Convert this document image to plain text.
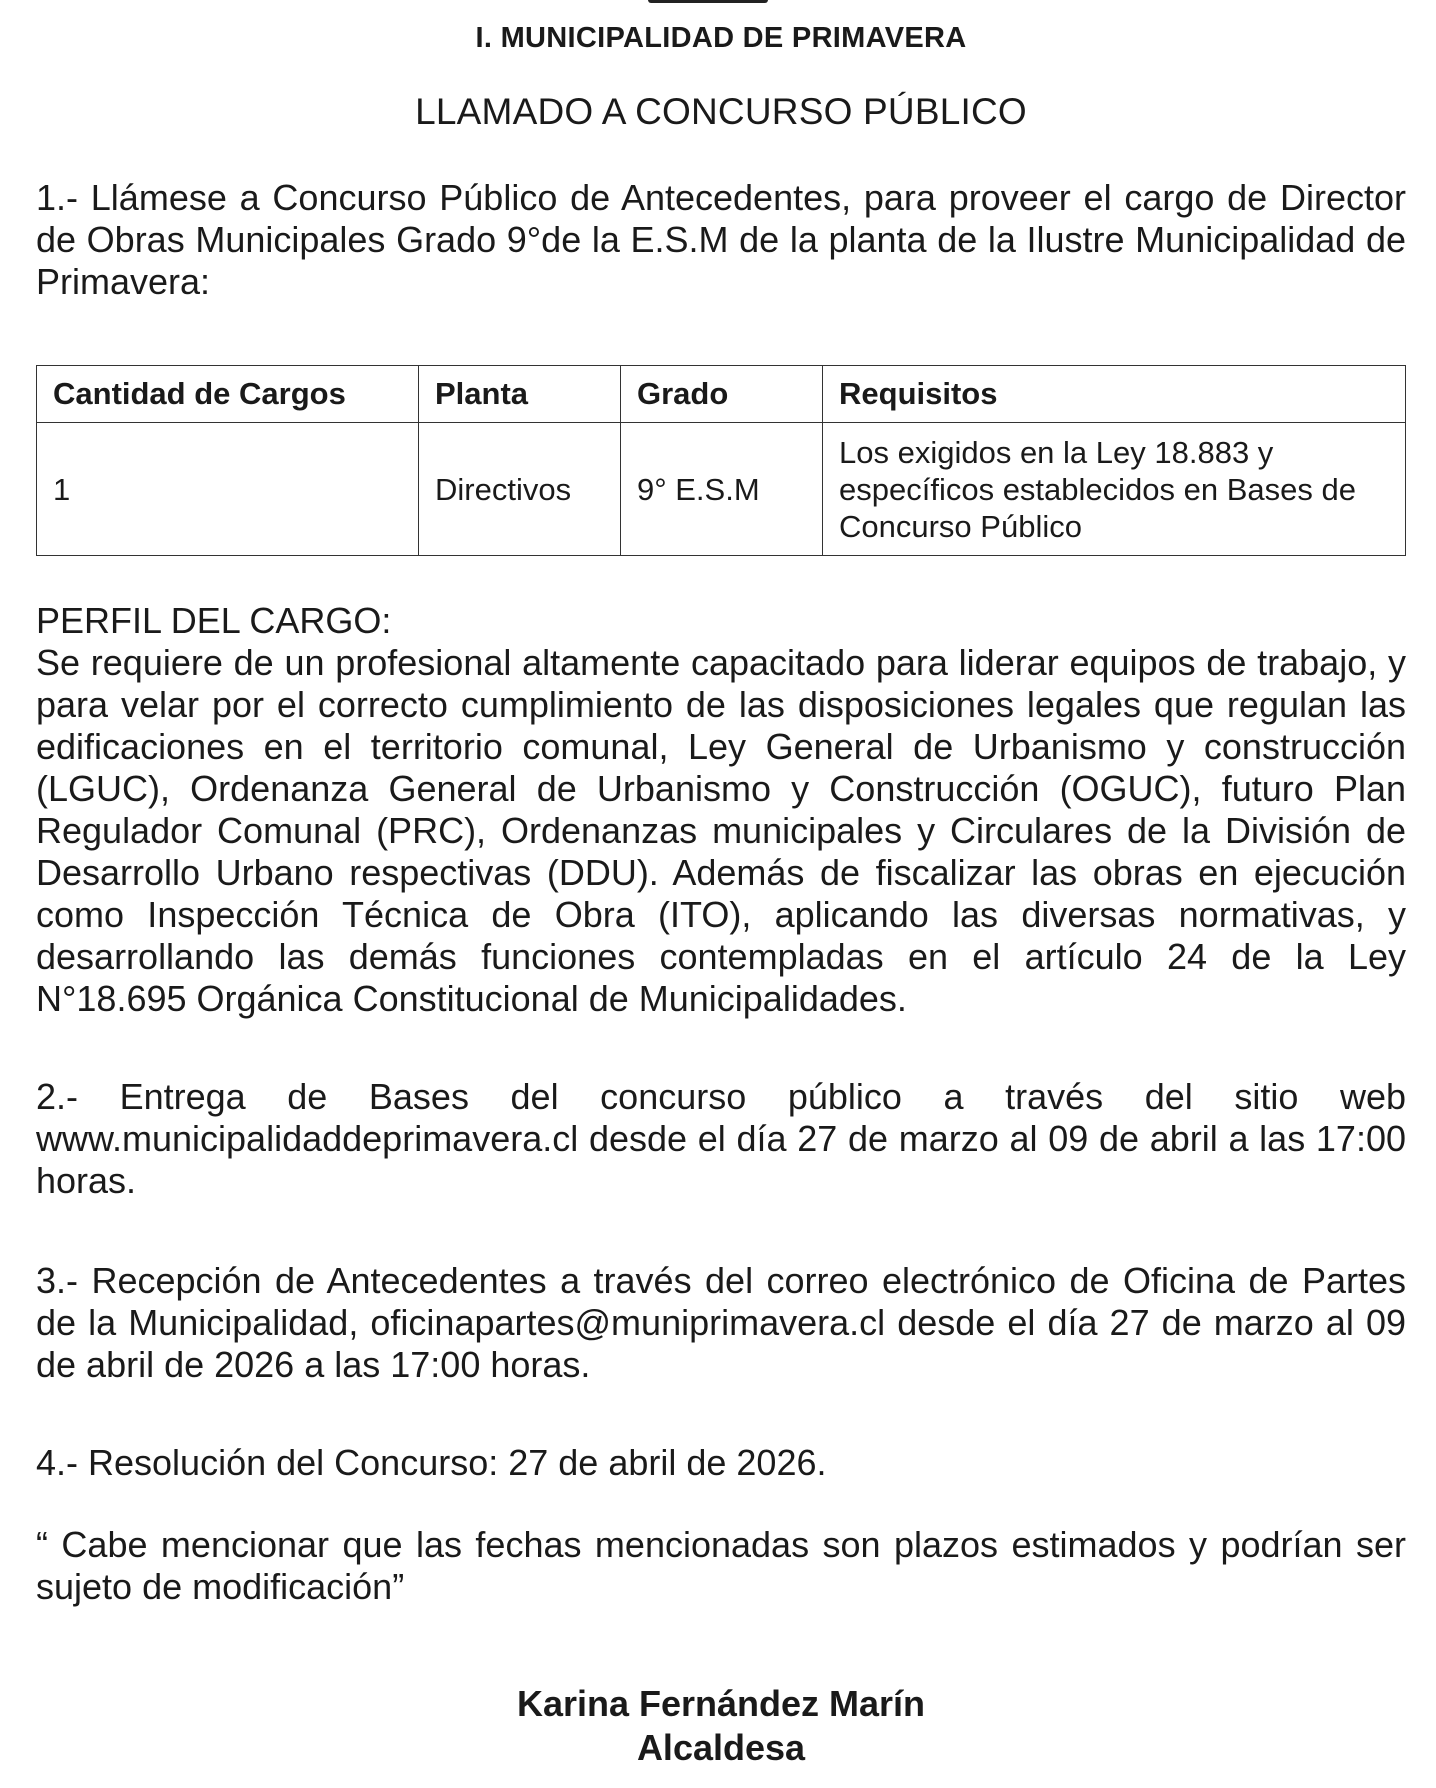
I. MUNICIPALIDAD DE PRIMAVERA

LLAMADO A CONCURSO PÚBLICO

1.- Llámese a Concurso Público de Antecedentes, para proveer el cargo de Director de Obras Municipales Grado 9°de la E.S.M de la planta de la Ilustre Municipalidad de Primavera:

Cantidad de Cargos	Planta	Grado	Requisitos
1	Directivos	9° E.S.M	Los exigidos en la Ley 18.883 y específicos establecidos en Bases de Concurso Público
PERFIL DEL CARGO:

Se requiere de un profesional altamente capacitado para liderar equipos de trabajo, y para velar por el correcto cumplimiento de las disposiciones legales que regulan las edificaciones en el territorio comunal, Ley General de Urbanismo y construcción (LGUC), Ordenanza General de Urbanismo y Construcción (OGUC), futuro Plan Regulador Comunal (PRC), Ordenanzas municipales y Circulares de la División de Desarrollo Urbano respectivas (DDU). Además de fiscalizar las obras en ejecución como Inspección Técnica de Obra (ITO), aplicando las diversas normativas, y desarrollando las demás funciones contempladas en el artículo 24 de la Ley N°18.695 Orgánica Constitucional de Municipalidades.

2.- Entrega de Bases del concurso público a través del sitio web www.municipalidaddeprimavera.cl desde el día 27 de marzo al 09 de abril a las 17:00 horas.

3.- Recepción de Antecedentes a través del correo electrónico de Oficina de Partes de la Municipalidad, oficinapartes@muniprimavera.cl desde el día 27 de marzo al 09 de abril de 2026 a las 17:00 horas.

4.- Resolución del Concurso: 27 de abril de 2026.

“ Cabe mencionar que las fechas mencionadas son plazos estimados y podrían ser sujeto de modificación”

Karina Fernández Marín
Alcaldesa
